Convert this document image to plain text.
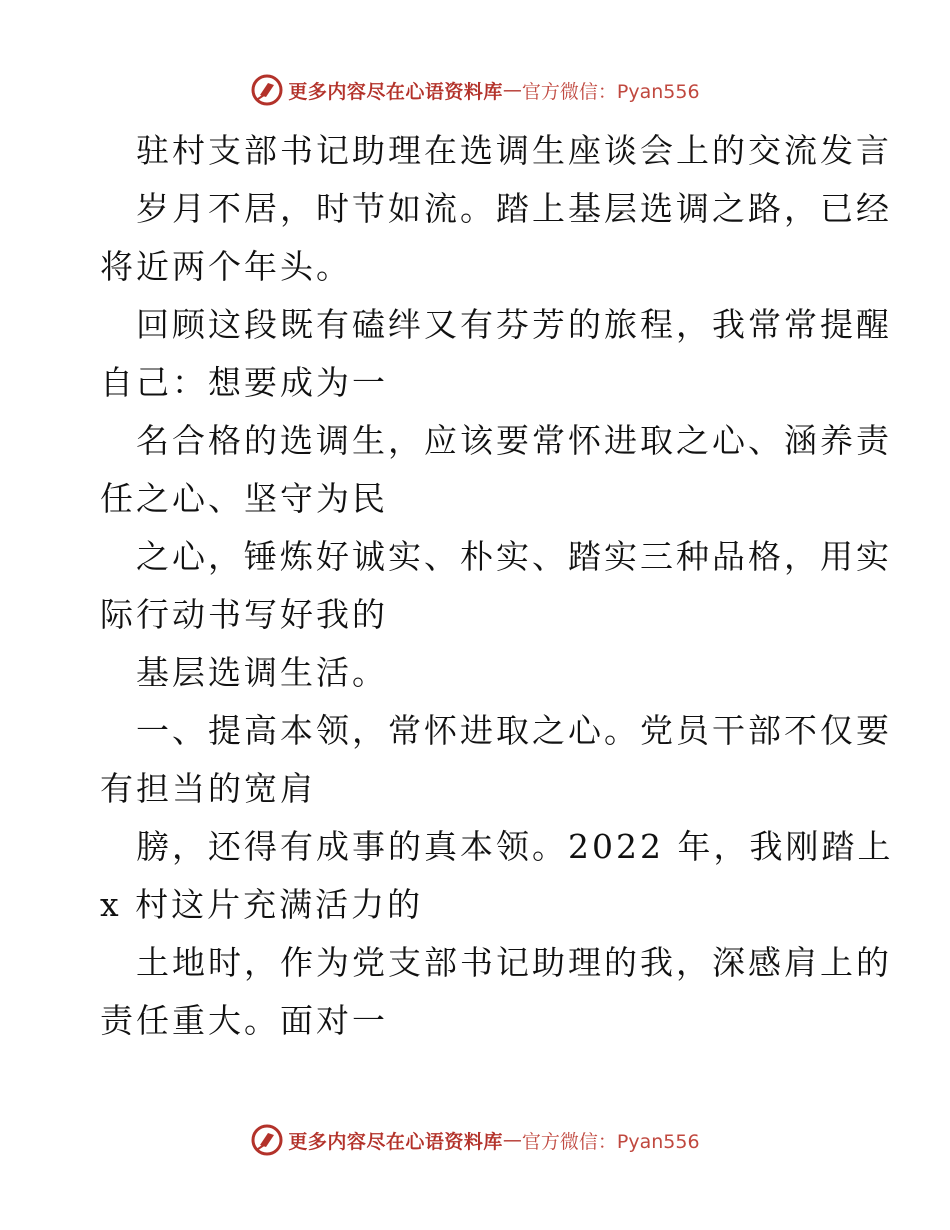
更多内容尽在心语资料库 — 官方微信：Pyan556
驻村支部书记助理在选调生座谈会上的交流发言
岁月不居，时节如流。踏上基层选调之路，已经
将近两个年头。
回顾这段既有磕绊又有芬芳的旅程，我常常提醒
自己：想要成为一
名合格的选调生，应该要常怀进取之心、涵养责
任之心、坚守为民
之心，锤炼好诚实、朴实、踏实三种品格，用实
际行动书写好我的
基层选调生活。
一、提高本领，常怀进取之心。党员干部不仅要
有担当的宽肩
膀，还得有成事的真本领。2022 年，我刚踏上
x 村这片充满活力的
土地时，作为党支部书记助理的我，深感肩上的
责任重大。面对一
更多内容尽在心语资料库 — 官方微信：Pyan556
